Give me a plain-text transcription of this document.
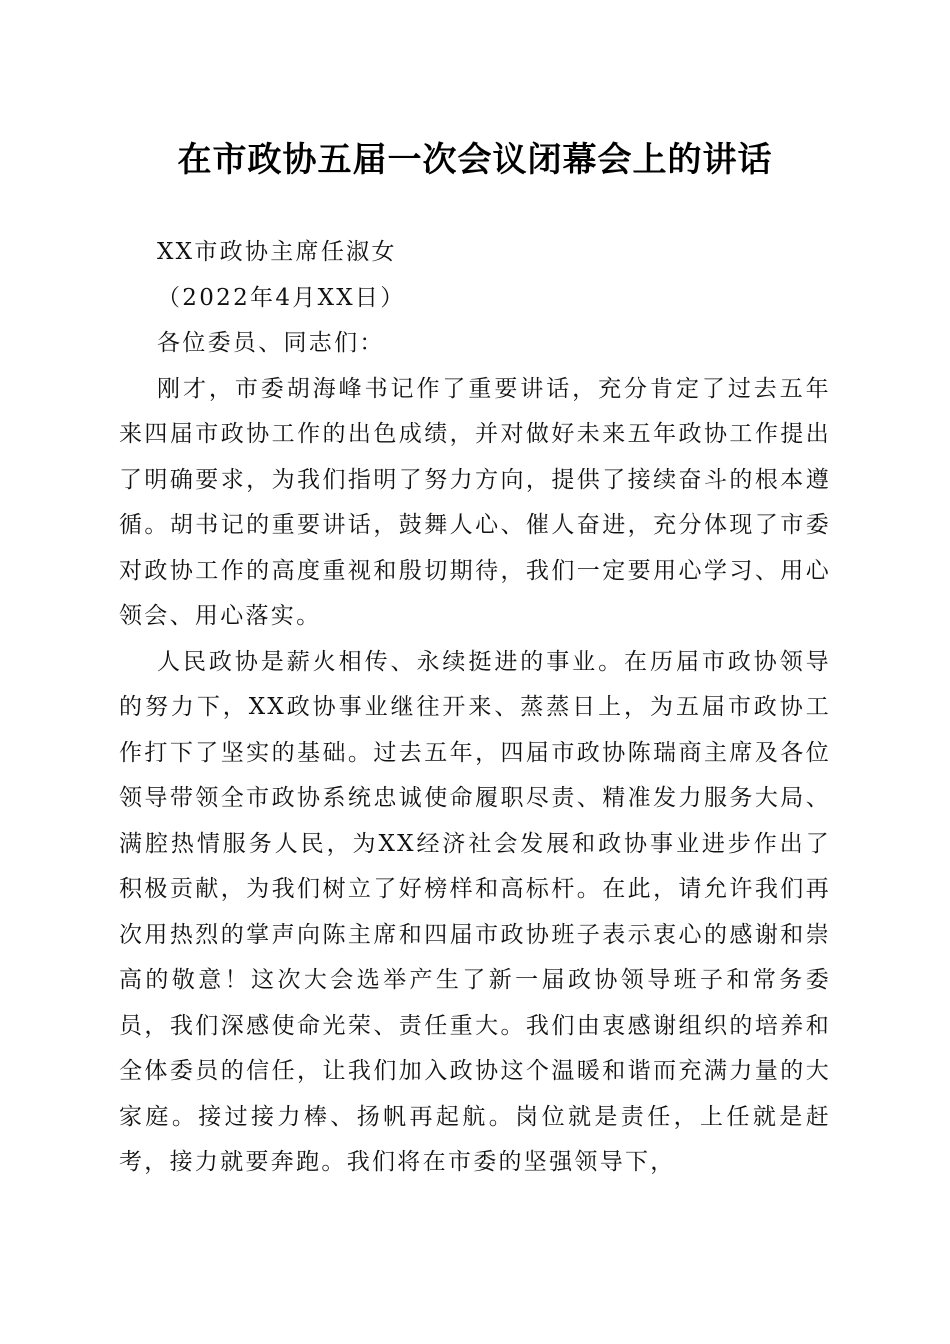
在市政协五届一次会议闭幕会上的讲话

XX市政协主席任淑女

（2022年4月XX日）

各位委员、同志们：

刚才，市委胡海峰书记作了重要讲话，充分肯定了过去五年来四届市政协工作的出色成绩，并对做好未来五年政协工作提出了明确要求，为我们指明了努力方向，提供了接续奋斗的根本遵循。胡书记的重要讲话，鼓舞人心、催人奋进，充分体现了市委对政协工作的高度重视和殷切期待，我们一定要用心学习、用心领会、用心落实。

人民政协是薪火相传、永续挺进的事业。在历届市政协领导的努力下，XX政协事业继往开来、蒸蒸日上，为五届市政协工作打下了坚实的基础。过去五年，四届市政协陈瑞商主席及各位领导带领全市政协系统忠诚使命履职尽责、精准发力服务大局、满腔热情服务人民，为XX经济社会发展和政协事业进步作出了积极贡献，为我们树立了好榜样和高标杆。在此，请允许我们再次用热烈的掌声向陈主席和四届市政协班子表示衷心的感谢和崇高的敬意！这次大会选举产生了新一届政协领导班子和常务委员，我们深感使命光荣、责任重大。我们由衷感谢组织的培养和全体委员的信任，让我们加入政协这个温暖和谐而充满力量的大家庭。接过接力棒、扬帆再起航。岗位就是责任，上任就是赶考，接力就要奔跑。我们将在市委的坚强领导下，
